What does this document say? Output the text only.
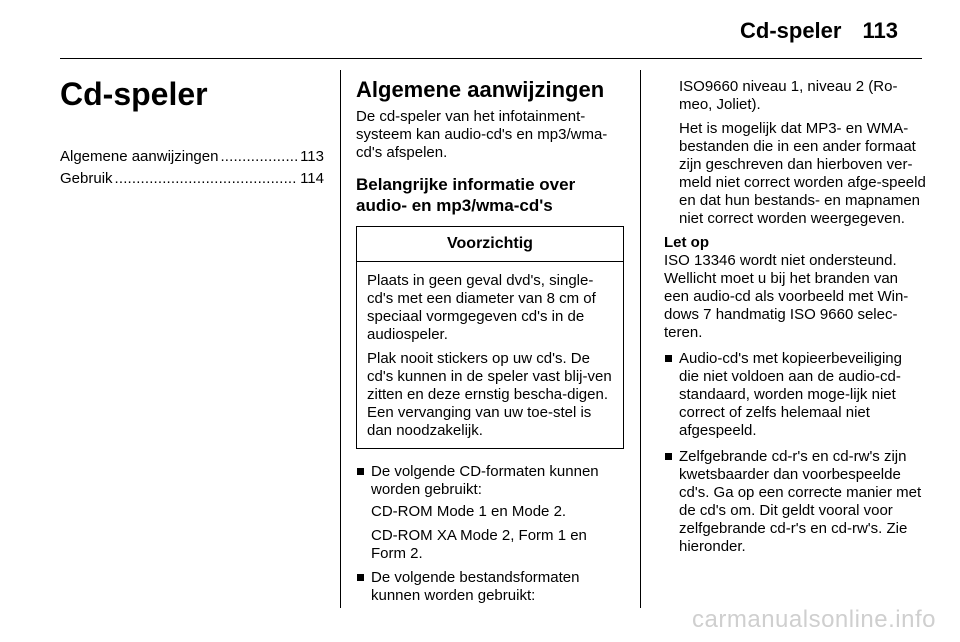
Cd-speler 113
Cd-speler
Algemene aanwijzingen . . .	113
Gebruik . . .	114
Algemene aanwijzingen

De cd-speler van het infotainment-systeem kan audio-cd's en mp3/wma-cd's afspelen.

Belangrijke informatie over audio- en mp3/wma-cd's
Voorzichtig

Plaats in geen geval dvd's, single-cd's met een diameter van 8 cm of speciaal vormgegeven cd's in de audiospeler.

Plak nooit stickers op uw cd's. De cd's kunnen in de speler vast blij-ven zitten en deze ernstig bescha-digen. Een vervanging van uw toe-stel is dan noodzakelijk.

De volgende CD-formaten kunnen worden gebruikt:
CD-ROM Mode 1 en Mode 2.
CD-ROM XA Mode 2, Form 1 en Form 2.
De volgende bestandsformaten kunnen worden gebruikt:
ISO9660 niveau 1, niveau 2 (Ro-meo, Joliet).
Het is mogelijk dat MP3- en WMA-bestanden die in een ander formaat zijn geschreven dan hierboven ver-meld niet correct worden afge-speeld en dat hun bestands- en mapnamen niet correct worden weergegeven.
Let op
ISO 13346 wordt niet ondersteund. Wellicht moet u bij het branden van een audio-cd als voorbeeld met Win-dows 7 handmatig ISO 9660 selec-teren.
Audio-cd's met kopieerbeveiliging die niet voldoen aan de audio-cd-standaard, worden moge-lijk niet correct of zelfs helemaal niet afgespeeld.
Zelfgebrande cd-r's en cd-rw's zijn kwetsbaarder dan voorbespeelde cd's. Ga op een correcte manier met de cd's om. Dit geldt vooral voor zelfgebrande cd-r's en cd-rw's. Zie hieronder.
carmanualsonline.info
